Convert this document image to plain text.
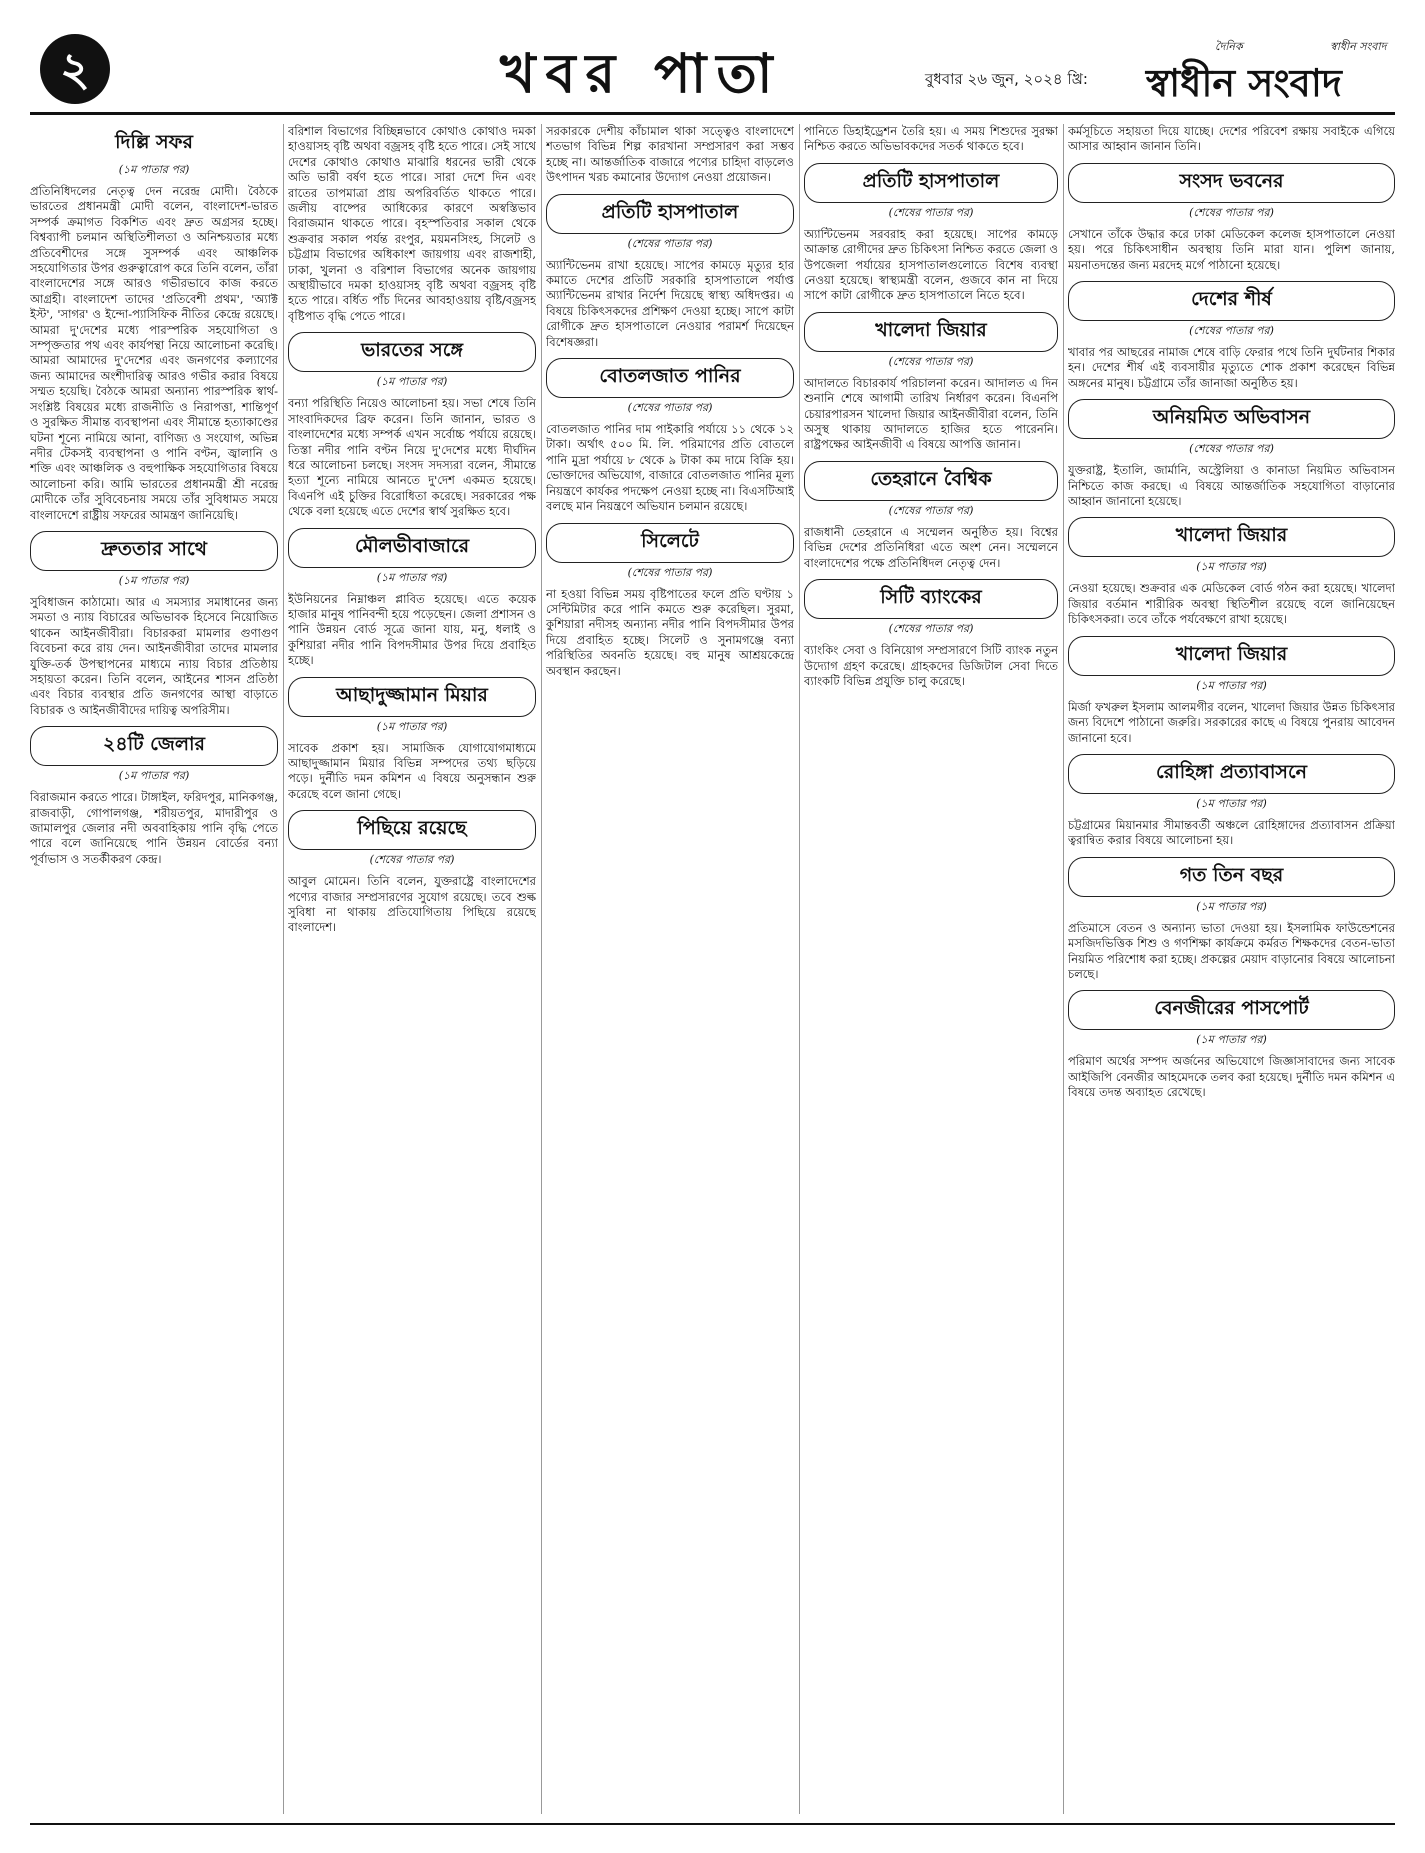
২	খবর পাতা	বুধবার ২৬ জুন, ২০২৪ খ্রি:
দৈনিক	স্বাধীন সংবাদ
স্বাধীন সংবাদ
দিল্লি সফর
(১ম পাতার পর)

প্রতিনিধিদলের নেতৃত্ব দেন নরেন্দ্র মোদী। বৈঠকে ভারতের প্রধানমন্ত্রী মোদী বলেন, বাংলাদেশ-ভারত সম্পর্ক ক্রমাগত বিকশিত এবং দ্রুত অগ্রসর হচ্ছে। বিশ্বব্যাপী চলমান অস্থিতিশীলতা ও অনিশ্চয়তার মধ্যে প্রতিবেশীদের সঙ্গে সুসম্পর্ক এবং আঞ্চলিক সহযোগিতার উপর গুরুত্বারোপ করে তিনি বলেন, তাঁরা বাংলাদেশের সঙ্গে আরও গভীরভাবে কাজ করতে আগ্রহী। বাংলাদেশ তাদের 'প্রতিবেশী প্রথম', 'অ্যাক্ট ইস্ট', 'সাগর' ও ইন্দো-প্যাসিফিক নীতির কেন্দ্রে রয়েছে। আমরা দু'দেশের মধ্যে পারস্পরিক সহযোগিতা ও সম্পৃক্ততার পথ এবং কার্যপন্থা নিয়ে আলোচনা করেছি। আমরা আমাদের দু'দেশের এবং জনগণের কল্যাণের জন্য আমাদের অংশীদারিত্ব আরও গভীর করার বিষয়ে সম্মত হয়েছি। বৈঠকে আমরা অন্যান্য পারস্পরিক স্বার্থ-সংশ্লিষ্ট বিষয়ের মধ্যে রাজনীতি ও নিরাপত্তা, শান্তিপূর্ণ ও সুরক্ষিত সীমান্ত ব্যবস্থাপনা এবং সীমান্তে হত্যাকাণ্ডের ঘটনা শূন্যে নামিয়ে আনা, বাণিজ্য ও সংযোগ, অভিন্ন নদীর টেকসই ব্যবস্থাপনা ও পানি বণ্টন, জ্বালানি ও শক্তি এবং আঞ্চলিক ও বহুপাক্ষিক সহযোগিতার বিষয়ে আলোচনা করি। আমি ভারতের প্রধানমন্ত্রী শ্রী নরেন্দ্র মোদীকে তাঁর সুবিবেচনায় সময়ে তাঁর সুবিধামত সময়ে বাংলাদেশে রাষ্ট্রীয় সফরের আমন্ত্রণ জানিয়েছি।

দ্রুততার সাথে
(১ম পাতার পর)

সুবিধাজন কাঠামো। আর এ সমস্যার সমাধানের জন্য সমতা ও ন্যায় বিচারের অভিভাবক হিসেবে নিয়োজিত থাকেন আইনজীবীরা। বিচারকরা মামলার গুণাগুণ বিবেচনা করে রায় দেন। আইনজীবীরা তাদের মামলার যুক্তি-তর্ক উপস্থাপনের মাধ্যমে ন্যায় বিচার প্রতিষ্ঠায় সহায়তা করেন। তিনি বলেন, আইনের শাসন প্রতিষ্ঠা এবং বিচার ব্যবস্থার প্রতি জনগণের আস্থা বাড়াতে বিচারক ও আইনজীবীদের দায়িত্ব অপরিসীম।

২৪টি জেলার
(১ম পাতার পর)

বিরাজমান করতে পারে। টাঙ্গাইল, ফরিদপুর, মানিকগঞ্জ, রাজবাড়ী, গোপালগঞ্জ, শরীয়তপুর, মাদারীপুর ও জামালপুর জেলার নদী অববাহিকায় পানি বৃদ্ধি পেতে পারে বলে জানিয়েছে পানি উন্নয়ন বোর্ডের বন্যা পূর্বাভাস ও সতর্কীকরণ কেন্দ্র।

বরিশাল বিভাগের বিচ্ছিন্নভাবে কোথাও কোথাও দমকা হাওয়াসহ বৃষ্টি অথবা বজ্রসহ বৃষ্টি হতে পারে। সেই সাথে দেশের কোথাও কোথাও মাঝারি ধরনের ভারী থেকে অতি ভারী বর্ষণ হতে পারে। সারা দেশে দিন এবং রাতের তাপমাত্রা প্রায় অপরিবর্তিত থাকতে পারে। জলীয় বাষ্পের আধিক্যের কারণে অস্বস্তিভাব বিরাজমান থাকতে পারে। বৃহস্পতিবার সকাল থেকে শুক্রবার সকাল পর্যন্ত রংপুর, ময়মনসিংহ, সিলেট ও চট্টগ্রাম বিভাগের অধিকাংশ জায়গায় এবং রাজশাহী, ঢাকা, খুলনা ও বরিশাল বিভাগের অনেক জায়গায় অস্থায়ীভাবে দমকা হাওয়াসহ বৃষ্টি অথবা বজ্রসহ বৃষ্টি হতে পারে। বর্ধিত পাঁচ দিনের আবহাওয়ায় বৃষ্টি/বজ্রসহ বৃষ্টিপাত বৃদ্ধি পেতে পারে।

ভারতের সঙ্গে
(১ম পাতার পর)

বন্যা পরিস্থিতি নিয়েও আলোচনা হয়। সভা শেষে তিনি সাংবাদিকদের ব্রিফ করেন। তিনি জানান, ভারত ও বাংলাদেশের মধ্যে সম্পর্ক এখন সর্বোচ্চ পর্যায়ে রয়েছে। তিস্তা নদীর পানি বণ্টন নিয়ে দু'দেশের মধ্যে দীর্ঘদিন ধরে আলোচনা চলছে। সংসদ সদস্যরা বলেন, সীমান্তে হত্যা শূন্যে নামিয়ে আনতে দু'দেশ একমত হয়েছে। বিএনপি এই চুক্তির বিরোধিতা করেছে। সরকারের পক্ষ থেকে বলা হয়েছে এতে দেশের স্বার্থ সুরক্ষিত হবে।

মৌলভীবাজারে
(১ম পাতার পর)

ইউনিয়নের নিম্নাঞ্চল প্লাবিত হয়েছে। এতে কয়েক হাজার মানুষ পানিবন্দী হয়ে পড়েছেন। জেলা প্রশাসন ও পানি উন্নয়ন বোর্ড সূত্রে জানা যায়, মনু, ধলাই ও কুশিয়ারা নদীর পানি বিপদসীমার উপর দিয়ে প্রবাহিত হচ্ছে।

আছাদুজ্জামান মিয়ার
(১ম পাতার পর)

সাবেক প্রকাশ হয়। সামাজিক যোগাযোগমাধ্যমে আছাদুজ্জামান মিয়ার বিভিন্ন সম্পদের তথ্য ছড়িয়ে পড়ে। দুর্নীতি দমন কমিশন এ বিষয়ে অনুসন্ধান শুরু করেছে বলে জানা গেছে।

পিছিয়ে রয়েছে
(শেষের পাতার পর)

আবুল মোমেন। তিনি বলেন, যুক্তরাষ্ট্রে বাংলাদেশের পণ্যের বাজার সম্প্রসারণের সুযোগ রয়েছে। তবে শুল্ক সুবিধা না থাকায় প্রতিযোগিতায় পিছিয়ে রয়েছে বাংলাদেশ।

সরকারকে দেশীয় কাঁচামাল থাকা সত্ত্বেও বাংলাদেশে শতভাগ বিভিন্ন শিল্প কারখানা সম্প্রসারণ করা সম্ভব হচ্ছে না। আন্তর্জাতিক বাজারে পণ্যের চাহিদা বাড়লেও উৎপাদন খরচ কমানোর উদ্যোগ নেওয়া প্রয়োজন।

প্রতিটি হাসপাতাল
(শেষের পাতার পর)

অ্যান্টিভেনম রাখা হয়েছে। সাপের কামড়ে মৃত্যুর হার কমাতে দেশের প্রতিটি সরকারি হাসপাতালে পর্যাপ্ত অ্যান্টিভেনম রাখার নির্দেশ দিয়েছে স্বাস্থ্য অধিদপ্তর। এ বিষয়ে চিকিৎসকদের প্রশিক্ষণ দেওয়া হচ্ছে। সাপে কাটা রোগীকে দ্রুত হাসপাতালে নেওয়ার পরামর্শ দিয়েছেন বিশেষজ্ঞরা।

বোতলজাত পানির
(শেষের পাতার পর)

বোতলজাত পানির দাম পাইকারি পর্যায়ে ১১ থেকে ১২ টাকা। অর্থাৎ ৫০০ মি. লি. পরিমাণের প্রতি বোতলে পানি মুদ্রা পর্যায়ে ৮ থেকে ৯ টাকা কম দামে বিক্রি হয়। ভোক্তাদের অভিযোগ, বাজারে বোতলজাত পানির মূল্য নিয়ন্ত্রণে কার্যকর পদক্ষেপ নেওয়া হচ্ছে না। বিএসটিআই বলছে মান নিয়ন্ত্রণে অভিযান চলমান রয়েছে।

সিলেটে
(শেষের পাতার পর)

না হওয়া বিভিন্ন সময় বৃষ্টিপাতের ফলে প্রতি ঘণ্টায় ১ সেন্টিমিটার করে পানি কমতে শুরু করেছিল। সুরমা, কুশিয়ারা নদীসহ অন্যান্য নদীর পানি বিপদসীমার উপর দিয়ে প্রবাহিত হচ্ছে। সিলেট ও সুনামগঞ্জে বন্যা পরিস্থিতির অবনতি হয়েছে। বহু মানুষ আশ্রয়কেন্দ্রে অবস্থান করছেন।

পানিতে ডিহাইড্রেশন তৈরি হয়। এ সময় শিশুদের সুরক্ষা নিশ্চিত করতে অভিভাবকদের সতর্ক থাকতে হবে।

প্রতিটি হাসপাতাল
(শেষের পাতার পর)

অ্যান্টিভেনম সরবরাহ করা হয়েছে। সাপের কামড়ে আক্রান্ত রোগীদের দ্রুত চিকিৎসা নিশ্চিত করতে জেলা ও উপজেলা পর্যায়ের হাসপাতালগুলোতে বিশেষ ব্যবস্থা নেওয়া হয়েছে। স্বাস্থ্যমন্ত্রী বলেন, গুজবে কান না দিয়ে সাপে কাটা রোগীকে দ্রুত হাসপাতালে নিতে হবে।

খালেদা জিয়ার
(শেষের পাতার পর)

আদালতে বিচারকার্য পরিচালনা করেন। আদালত এ দিন শুনানি শেষে আগামী তারিখ নির্ধারণ করেন। বিএনপি চেয়ারপারসন খালেদা জিয়ার আইনজীবীরা বলেন, তিনি অসুস্থ থাকায় আদালতে হাজির হতে পারেননি। রাষ্ট্রপক্ষের আইনজীবী এ বিষয়ে আপত্তি জানান।

তেহরানে বৈশ্বিক
(শেষের পাতার পর)

রাজধানী তেহরানে এ সম্মেলন অনুষ্ঠিত হয়। বিশ্বের বিভিন্ন দেশের প্রতিনিধিরা এতে অংশ নেন। সম্মেলনে বাংলাদেশের পক্ষে প্রতিনিধিদল নেতৃত্ব দেন।

সিটি ব্যাংকের
(শেষের পাতার পর)

ব্যাংকিং সেবা ও বিনিয়োগ সম্প্রসারণে সিটি ব্যাংক নতুন উদ্যোগ গ্রহণ করেছে। গ্রাহকদের ডিজিটাল সেবা দিতে ব্যাংকটি বিভিন্ন প্রযুক্তি চালু করেছে।

কর্মসূচিতে সহায়তা দিয়ে যাচ্ছে। দেশের পরিবেশ রক্ষায় সবাইকে এগিয়ে আসার আহ্বান জানান তিনি।

সংসদ ভবনের
(শেষের পাতার পর)

সেখানে তাঁকে উদ্ধার করে ঢাকা মেডিকেল কলেজ হাসপাতালে নেওয়া হয়। পরে চিকিৎসাধীন অবস্থায় তিনি মারা যান। পুলিশ জানায়, ময়নাতদন্তের জন্য মরদেহ মর্গে পাঠানো হয়েছে।

দেশের শীর্ষ
(শেষের পাতার পর)

খাবার পর আছরের নামাজ শেষে বাড়ি ফেরার পথে তিনি দুর্ঘটনার শিকার হন। দেশের শীর্ষ এই ব্যবসায়ীর মৃত্যুতে শোক প্রকাশ করেছেন বিভিন্ন অঙ্গনের মানুষ। চট্টগ্রামে তাঁর জানাজা অনুষ্ঠিত হয়।

অনিয়মিত অভিবাসন
(শেষের পাতার পর)

যুক্তরাষ্ট্র, ইতালি, জার্মানি, অস্ট্রেলিয়া ও কানাডা নিয়মিত অভিবাসন নিশ্চিতে কাজ করছে। এ বিষয়ে আন্তর্জাতিক সহযোগিতা বাড়ানোর আহ্বান জানানো হয়েছে।

খালেদা জিয়ার
(১ম পাতার পর)

নেওয়া হয়েছে। শুক্রবার এক মেডিকেল বোর্ড গঠন করা হয়েছে। খালেদা জিয়ার বর্তমান শারীরিক অবস্থা স্থিতিশীল রয়েছে বলে জানিয়েছেন চিকিৎসকরা। তবে তাঁকে পর্যবেক্ষণে রাখা হয়েছে।

খালেদা জিয়ার
(১ম পাতার পর)

মির্জা ফখরুল ইসলাম আলমগীর বলেন, খালেদা জিয়ার উন্নত চিকিৎসার জন্য বিদেশে পাঠানো জরুরি। সরকারের কাছে এ বিষয়ে পুনরায় আবেদন জানানো হবে।

রোহিঙ্গা প্রত্যাবাসনে
(১ম পাতার পর)

চট্টগ্রামের মিয়ানমার সীমান্তবর্তী অঞ্চলে রোহিঙ্গাদের প্রত্যাবাসন প্রক্রিয়া ত্বরান্বিত করার বিষয়ে আলোচনা হয়।

গত তিন বছর
(১ম পাতার পর)

প্রতিমাসে বেতন ও অন্যান্য ভাতা দেওয়া হয়। ইসলামিক ফাউন্ডেশনের মসজিদভিত্তিক শিশু ও গণশিক্ষা কার্যক্রমে কর্মরত শিক্ষকদের বেতন-ভাতা নিয়মিত পরিশোধ করা হচ্ছে। প্রকল্পের মেয়াদ বাড়ানোর বিষয়ে আলোচনা চলছে।

বেনজীরের পাসপোর্ট
(১ম পাতার পর)

পরিমাণ অর্থের সম্পদ অর্জনের অভিযোগে জিজ্ঞাসাবাদের জন্য সাবেক আইজিপি বেনজীর আহমেদকে তলব করা হয়েছে। দুর্নীতি দমন কমিশন এ বিষয়ে তদন্ত অব্যাহত রেখেছে।
